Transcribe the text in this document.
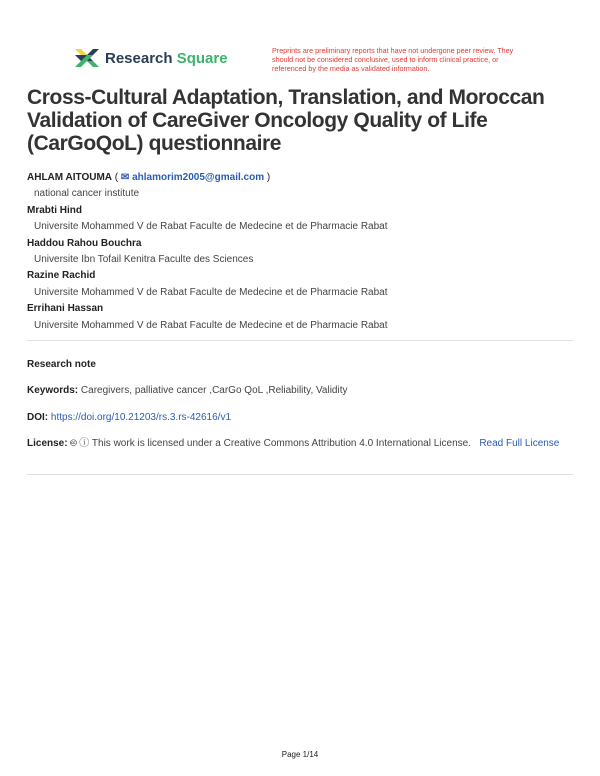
Research Square	Preprints are preliminary reports that have not undergone peer review. They should not be considered conclusive, used to inform clinical practice, or referenced by the media as validated information.
Cross-Cultural Adaptation, Translation, and Moroccan Validation of CareGiver Oncology Quality of Life (CarGoQoL) questionnaire
AHLAM AITOUMA ( ✉ ahlamorim2005@gmail.com )
national cancer institute
Mrabti Hind
Universite Mohammed V de Rabat Faculte de Medecine et de Pharmacie Rabat
Haddou Rahou Bouchra
Universite Ibn Tofail Kenitra Faculte des Sciences
Razine Rachid
Universite Mohammed V de Rabat Faculte de Medecine et de Pharmacie Rabat
Errihani Hassan
Universite Mohammed V de Rabat Faculte de Medecine et de Pharmacie Rabat
Research note
Keywords: Caregivers, palliative cancer ,CarGo QoL ,Reliability, Validity
DOI: https://doi.org/10.21203/rs.3.rs-42616/v1
License: 🅭 ⓘ This work is licensed under a Creative Commons Attribution 4.0 International License. Read Full License
Page 1/14
